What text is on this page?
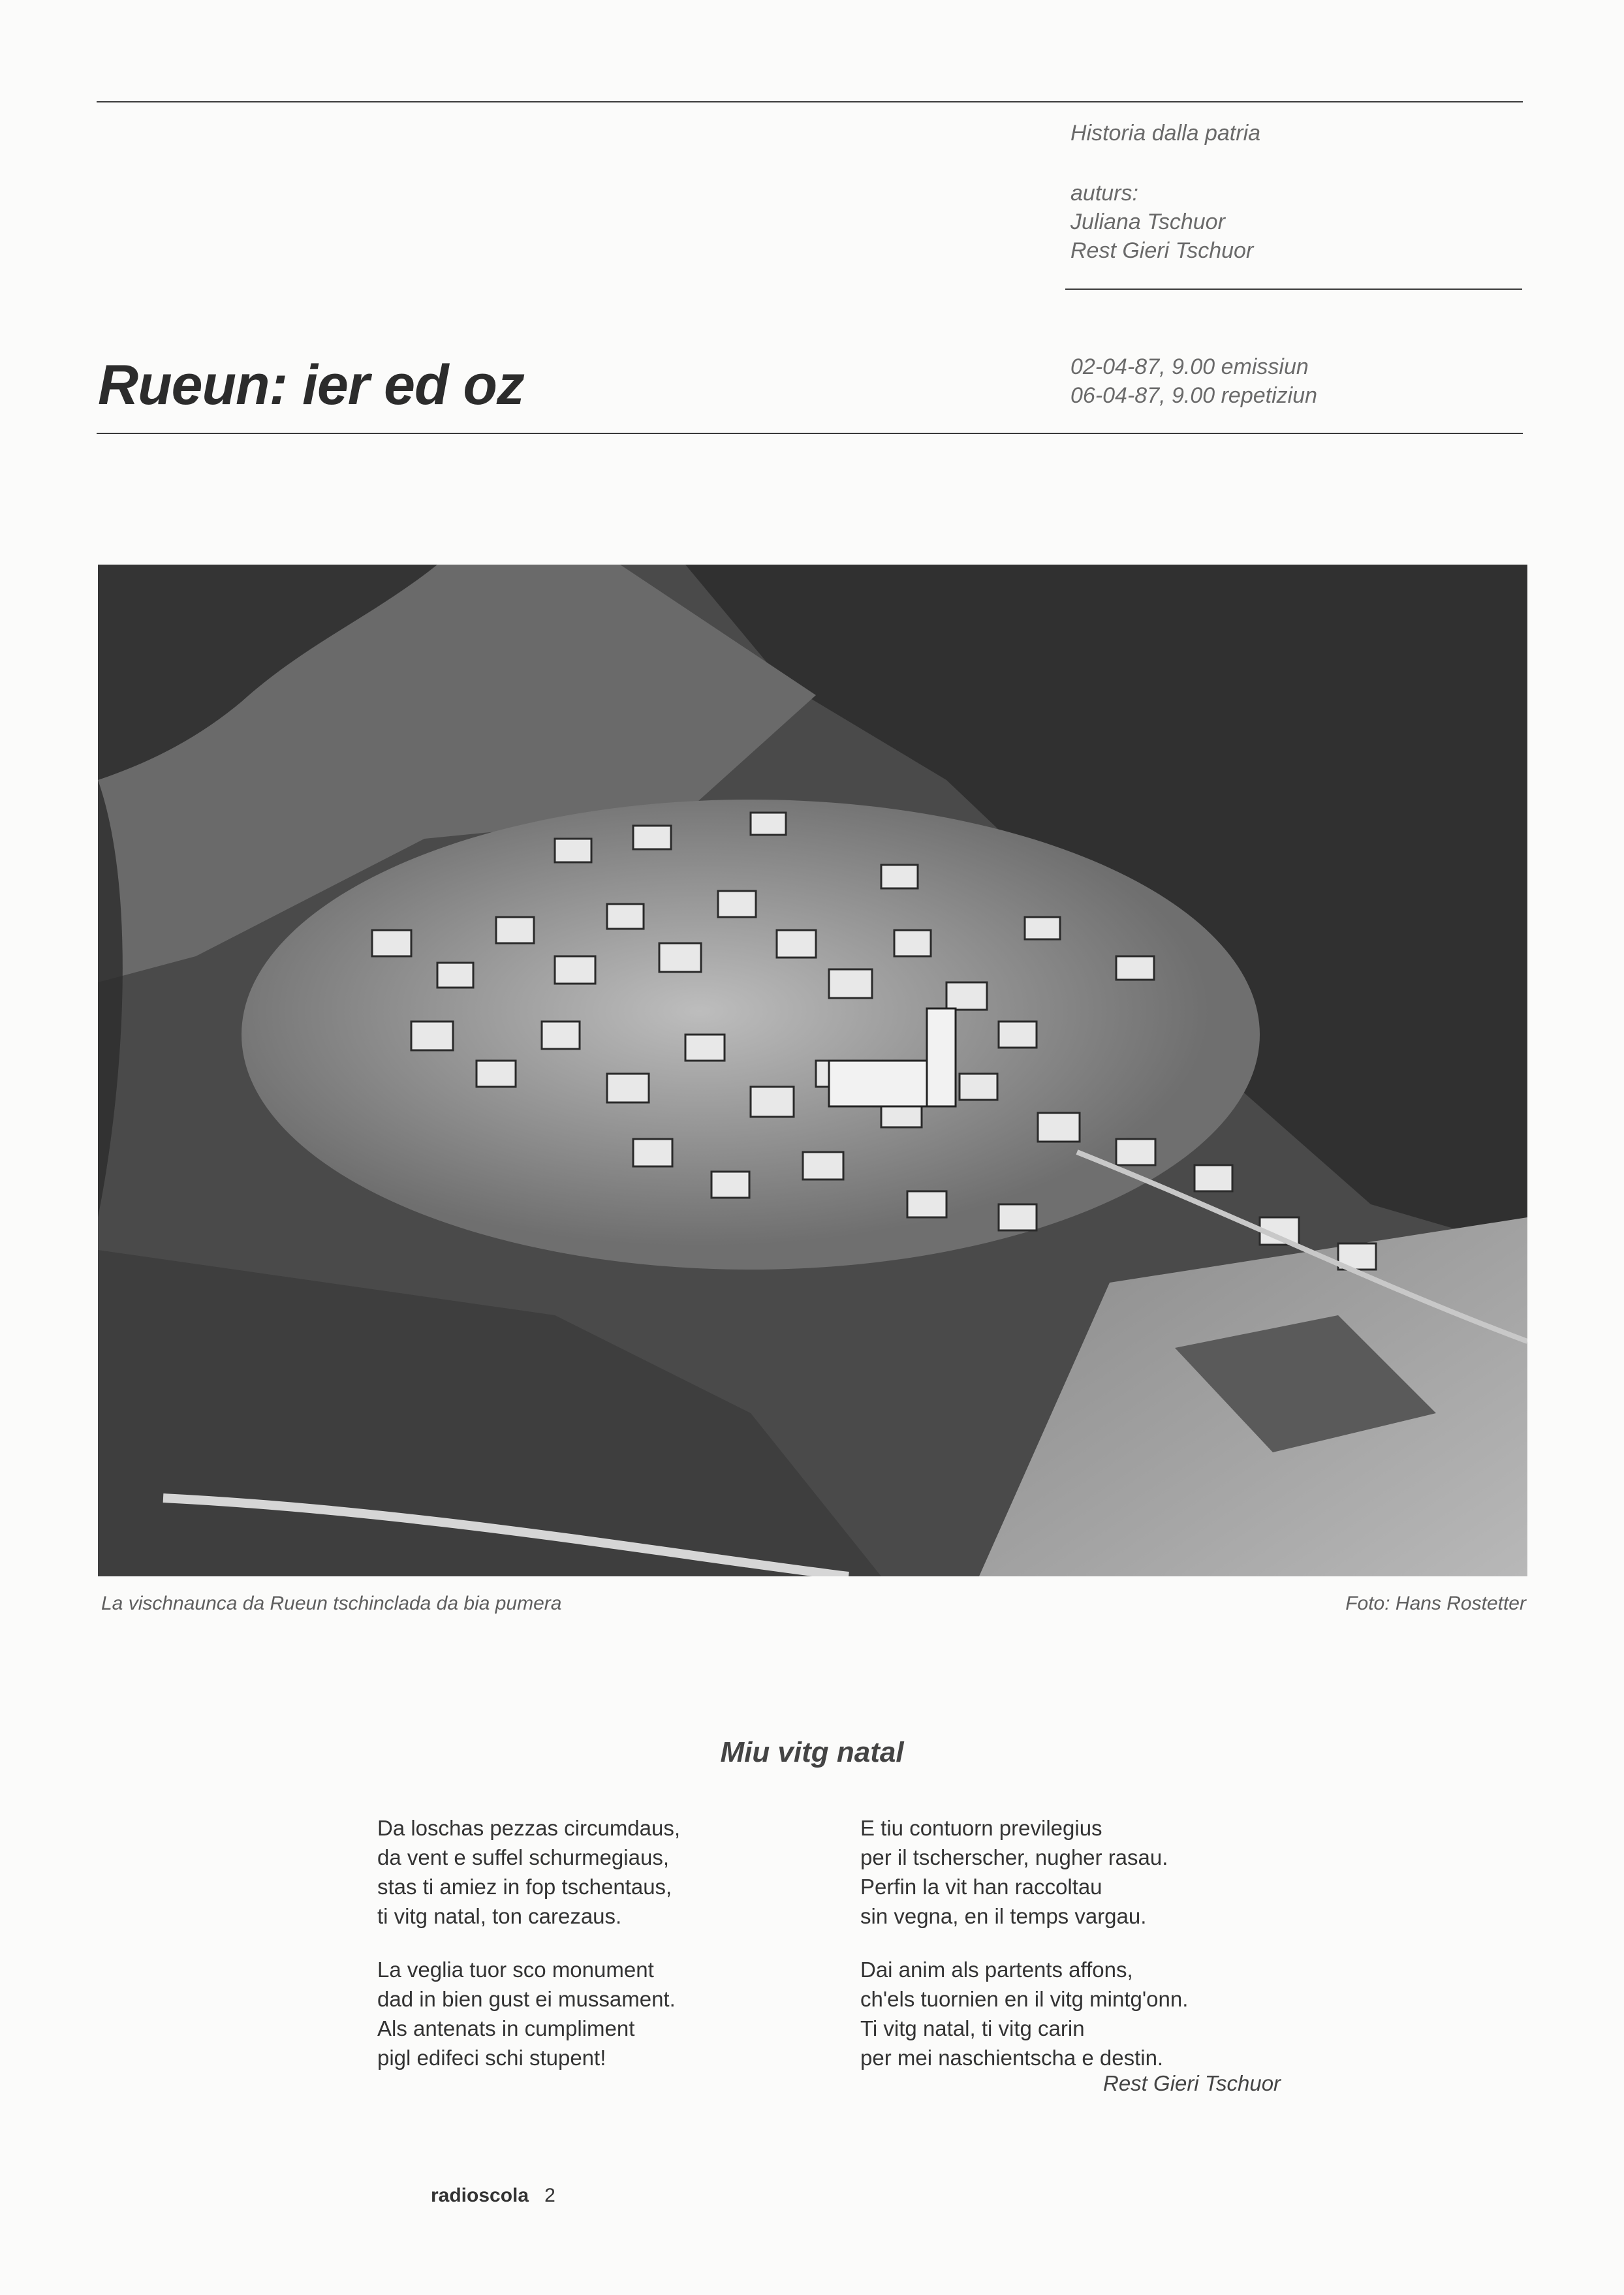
Historia dalla patria
auturs:
Juliana Tschuor
Rest Gieri Tschuor
02-04-87, 9.00 emissiun
06-04-87, 9.00 repetiziun
Rueun: ier ed oz
La vischnaunca da Rueun tschinclada da bia pumera	Foto: Hans Rostetter
Miu vitg natal
Da loschas pezzas circumdaus,
da vent e suffel schurmegiaus,
stas ti amiez in fop tschentaus,
ti vitg natal, ton carezaus.
La veglia tuor sco monument
dad in bien gust ei mussament.
Als antenats in cumpliment
pigl edifeci schi stupent!
E tiu contuorn previlegius
per il tscherscher, nugher rasau.
Perfin la vit han raccoltau
sin vegna, en il temps vargau.
Dai anim als partents affons,
ch'els tuornien en il vitg mintg'onn.
Ti vitg natal, ti vitg carin
per mei naschientscha e destin.
Rest Gieri Tschuor
radioscola 2
